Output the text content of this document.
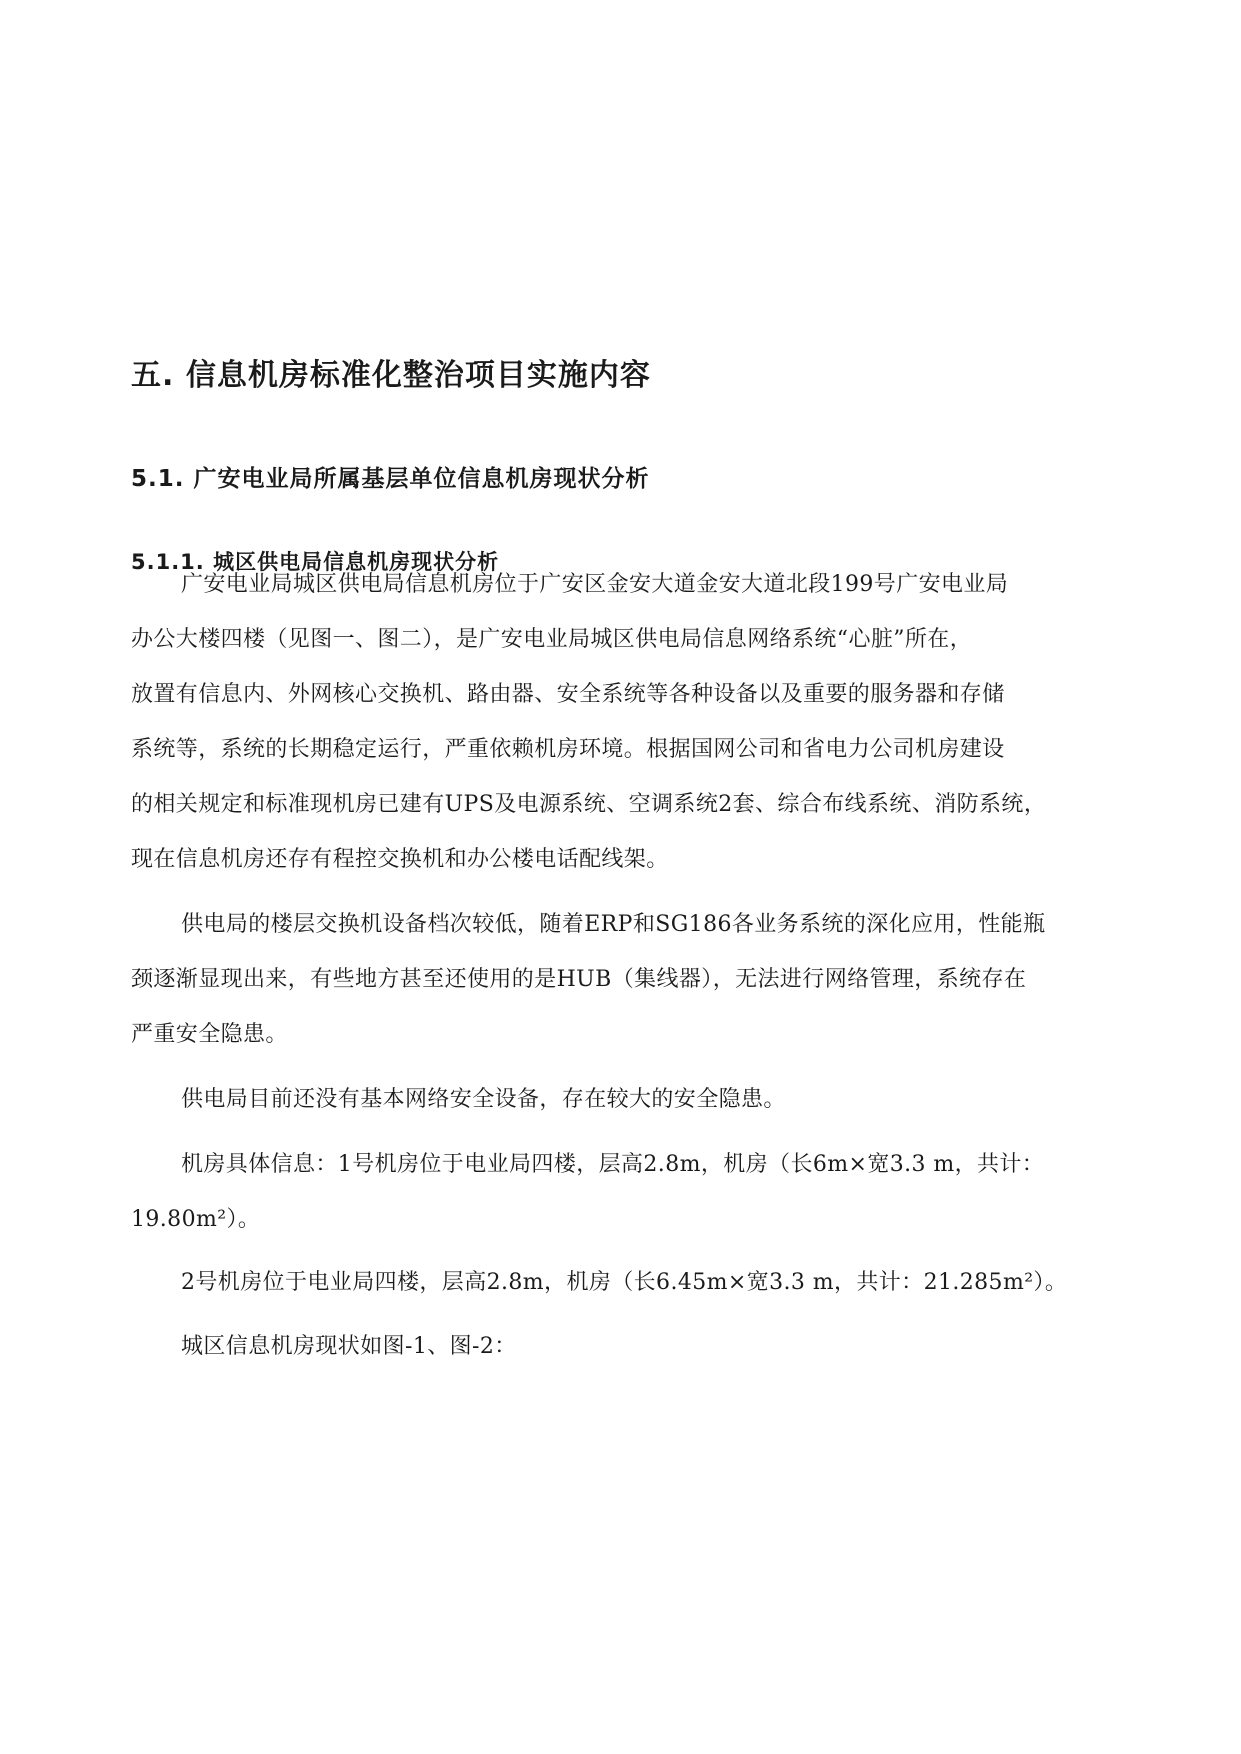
五. 信息机房标准化整治项目实施内容
5.1. 广安电业局所属基层单位信息机房现状分析
5.1.1. 城区供电局信息机房现状分析
广安电业局城区供电局信息机房位于广安区金安大道金安大道北段199号广安电业局
办公大楼四楼（见图一、图二），是广安电业局城区供电局信息网络系统“心脏”所在，
放置有信息内、外网核心交换机、路由器、安全系统等各种设备以及重要的服务器和存储
系统等，系统的长期稳定运行，严重依赖机房环境。根据国网公司和省电力公司机房建设
的相关规定和标准现机房已建有UPS及电源系统、空调系统2套、综合布线系统、消防系统，
现在信息机房还存有程控交换机和办公楼电话配线架。
供电局的楼层交换机设备档次较低，随着ERP和SG186各业务系统的深化应用，性能瓶
颈逐渐显现出来，有些地方甚至还使用的是HUB（集线器），无法进行网络管理，系统存在
严重安全隐患。
供电局目前还没有基本网络安全设备，存在较大的安全隐患。
机房具体信息：1号机房位于电业局四楼，层高2.8m，机房（长6m×宽3.3 m，共计：
19.80m²）。
2号机房位于电业局四楼，层高2.8m，机房（长6.45m×宽3.3 m，共计：21.285m²）。
城区信息机房现状如图-1、图-2：
